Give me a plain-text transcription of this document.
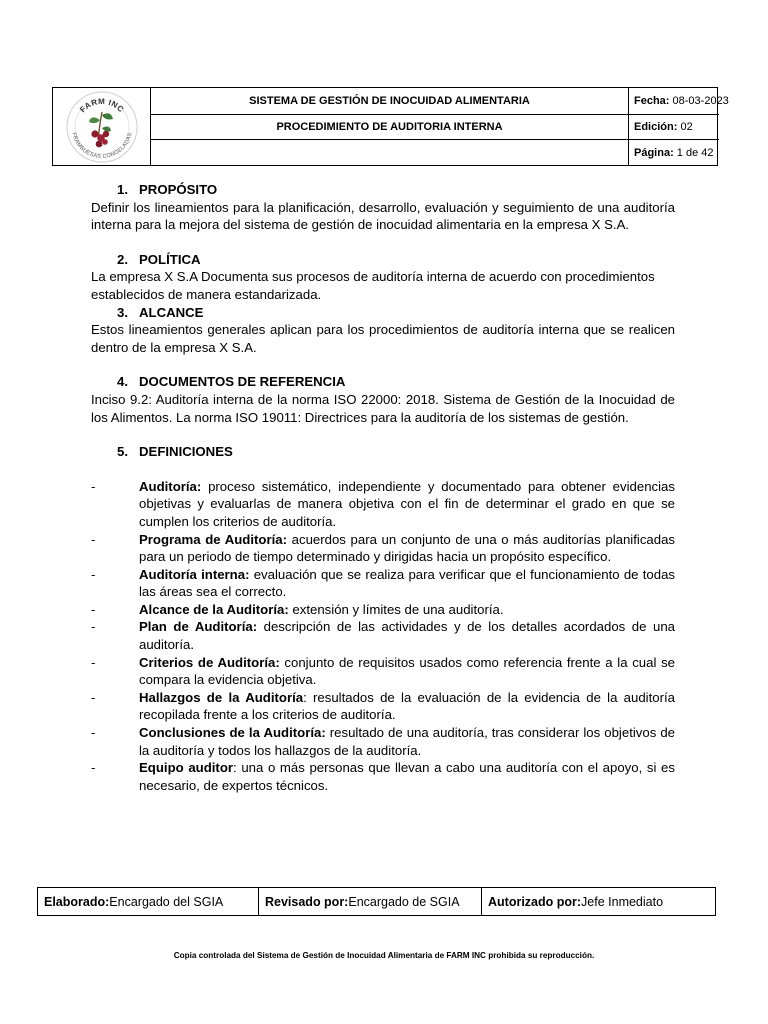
FARM INC
FRAMBUESAS CONGELADAS
SISTEMA DE GESTIÓN DE INOCUIDAD ALIMENTARIA
PROCEDIMIENTO DE AUDITORIA INTERNA
Fecha:
08-03-2023
Edición:
02
Página:
1 de 42
1. PROPÓSITO
Definir los lineamientos para la planificación, desarrollo, evaluación y seguimiento de una auditoría interna para la mejora del sistema de gestión de inocuidad alimentaria en la empresa X S.A.
2. POLÍTICA
La empresa X S.A Documenta sus procesos de auditoría interna de acuerdo con procedimientos establecidos de manera estandarizada.
3. ALCANCE
Estos lineamientos generales aplican para los procedimientos de auditoría interna que se realicen dentro de la empresa X S.A.
4. DOCUMENTOS DE REFERENCIA
Inciso 9.2: Auditoría interna de la norma ISO 22000: 2018. Sistema de Gestión de la Inocuidad de los Alimentos. La norma ISO 19011: Directrices para la auditoría de los sistemas de gestión.
5. DEFINICIONES
-	Auditoría: proceso sistemático, independiente y documentado para obtener evidencias objetivas y evaluarlas de manera objetiva con el fin de determinar el grado en que se cumplen los criterios de auditoría.
-	Programa de Auditoría: acuerdos para un conjunto de una o más auditorías planificadas para un periodo de tiempo determinado y dirigidas hacia un propósito específico.
-	Auditoría interna: evaluación que se realiza para verificar que el funcionamiento de todas las áreas sea el correcto.
-	Alcance de la Auditoría: extensión y límites de una auditoría.
-	Plan de Auditoría: descripción de las actividades y de los detalles acordados de una auditoría.
-	Criterios de Auditoría: conjunto de requisitos usados como referencia frente a la cual se compara la evidencia objetiva.
-	Hallazgos de la Auditoría: resultados de la evaluación de la evidencia de la auditoría recopilada frente a los criterios de auditoría.
-	Conclusiones de la Auditoría: resultado de una auditoría, tras considerar los objetivos de la auditoría y todos los hallazgos de la auditoría.
-	Equipo auditor: una o más personas que llevan a cabo una auditoría con el apoyo, si es necesario, de expertos técnicos.
Elaborado: Encargado del SGIA	Revisado por: Encargado de SGIA Autorizado por: Jefe Inmediato
Copia controlada del Sistema de Gestión de Inocuidad Alimentaria de FARM INC prohibida su reproducción.
